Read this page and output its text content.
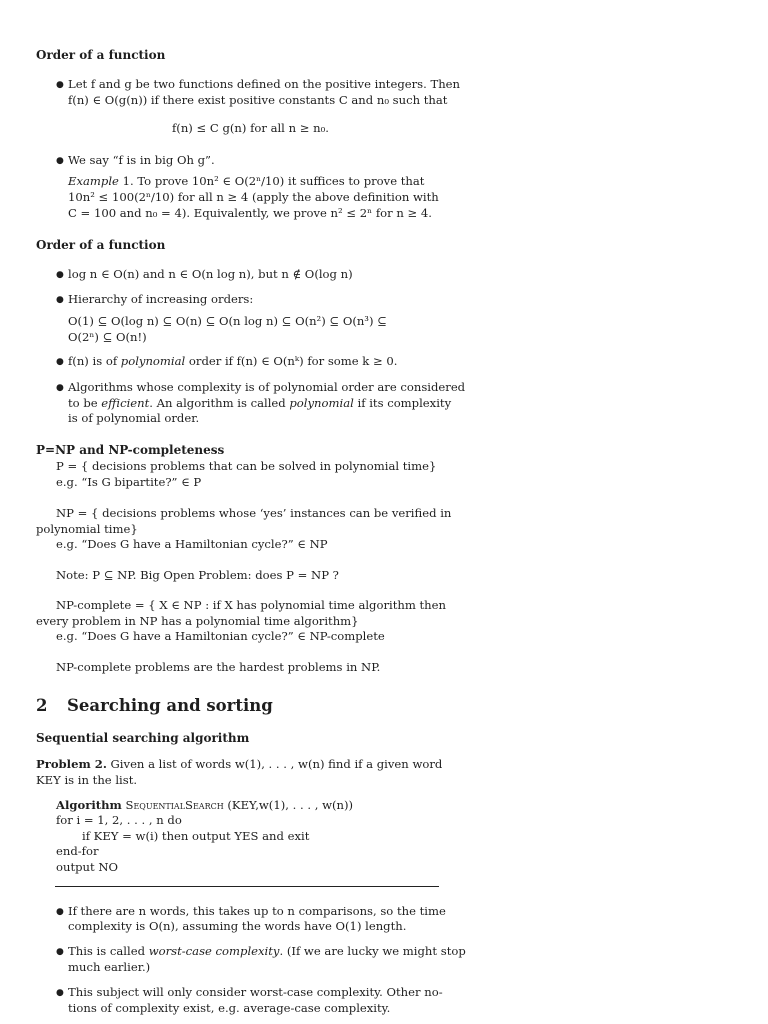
Order of a function
● Let f and g be two functions defined on the positive integers. Then
f(n) ∈ O(g(n)) if there exist positive constants C and n₀ such that
f(n) ≤ C g(n) for all n ≥ n₀.
● We say “f is in big Oh g”.
Example 1. To prove 10n² ∈ O(2ⁿ/10) it suffices to prove that
10n² ≤ 100(2ⁿ/10) for all n ≥ 4 (apply the above definition with
C = 100 and n₀ = 4). Equivalently, we prove n² ≤ 2ⁿ for n ≥ 4.
Order of a function
● log n ∈ O(n) and n ∈ O(n log n), but n ∉ O(log n)
● Hierarchy of increasing orders:
O(1) ⊆ O(log n) ⊆ O(n) ⊆ O(n log n) ⊆ O(n²) ⊆ O(n³) ⊆
O(2ⁿ) ⊆ O(n!)
● f(n) is of polynomial order if f(n) ∈ O(nᵏ) for some k ≥ 0.
● Algorithms whose complexity is of polynomial order are considered
to be efficient. An algorithm is called polynomial if its complexity
is of polynomial order.
P=NP and NP-completeness
P = { decisions problems that can be solved in polynomial time}
e.g. “Is G bipartite?” ∈ P
NP = { decisions problems whose ‘yes’ instances can be verified in
polynomial time}
e.g. “Does G have a Hamiltonian cycle?” ∈ NP
Note: P ⊆ NP. Big Open Problem: does P = NP ?
NP-complete = { X ∈ NP : if X has polynomial time algorithm then
every problem in NP has a polynomial time algorithm}
e.g. “Does G have a Hamiltonian cycle?” ∈ NP-complete
NP-complete problems are the hardest problems in NP.
2 Searching and sorting
Sequential searching algorithm
Problem 2. Given a list of words w(1), . . . , w(n) find if a given word
KEY is in the list.
Algorithm SequentialSearch (KEY,w(1), . . . , w(n))
for i = 1, 2, . . . , n do
if KEY = w(i) then output YES and exit
end-for
output NO
● If there are n words, this takes up to n comparisons, so the time
complexity is O(n), assuming the words have O(1) length.
● This is called worst-case complexity. (If we are lucky we might stop
much earlier.)
● This subject will only consider worst-case complexity. Other no-
tions of complexity exist, e.g. average-case complexity.
